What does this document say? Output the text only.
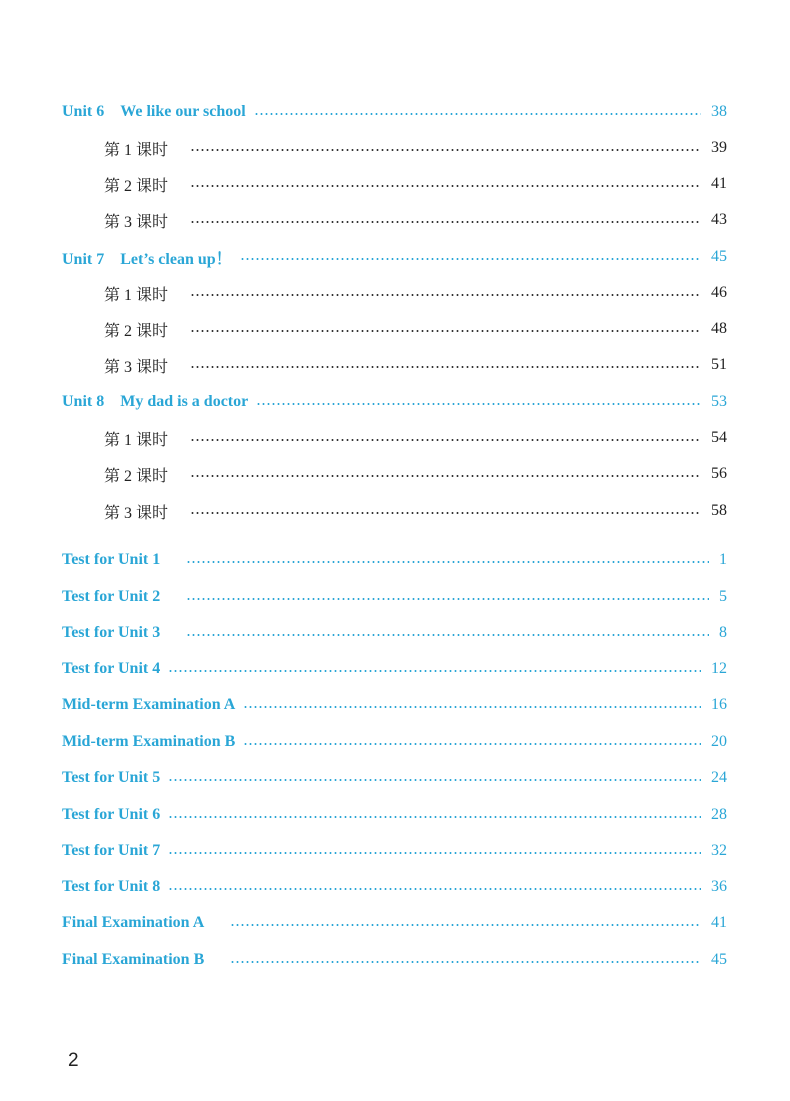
Unit 6 We like our school	38
第 1 课时	39
第 2 课时	41
第 3 课时	43
Unit 7 Let’s clean up！	45
第 1 课时	46
第 2 课时	48
第 3 课时	51
Unit 8 My dad is a doctor	53
第 1 课时	54
第 2 课时	56
第 3 课时	58
Test for Unit 1	1
Test for Unit 2	5
Test for Unit 3	8
Test for Unit 4	12
Mid-term Examination A	16
Mid-term Examination B	20
Test for Unit 5	24
Test for Unit 6	28
Test for Unit 7	32
Test for Unit 8	36
Final Examination A	41
Final Examination B	45
2
